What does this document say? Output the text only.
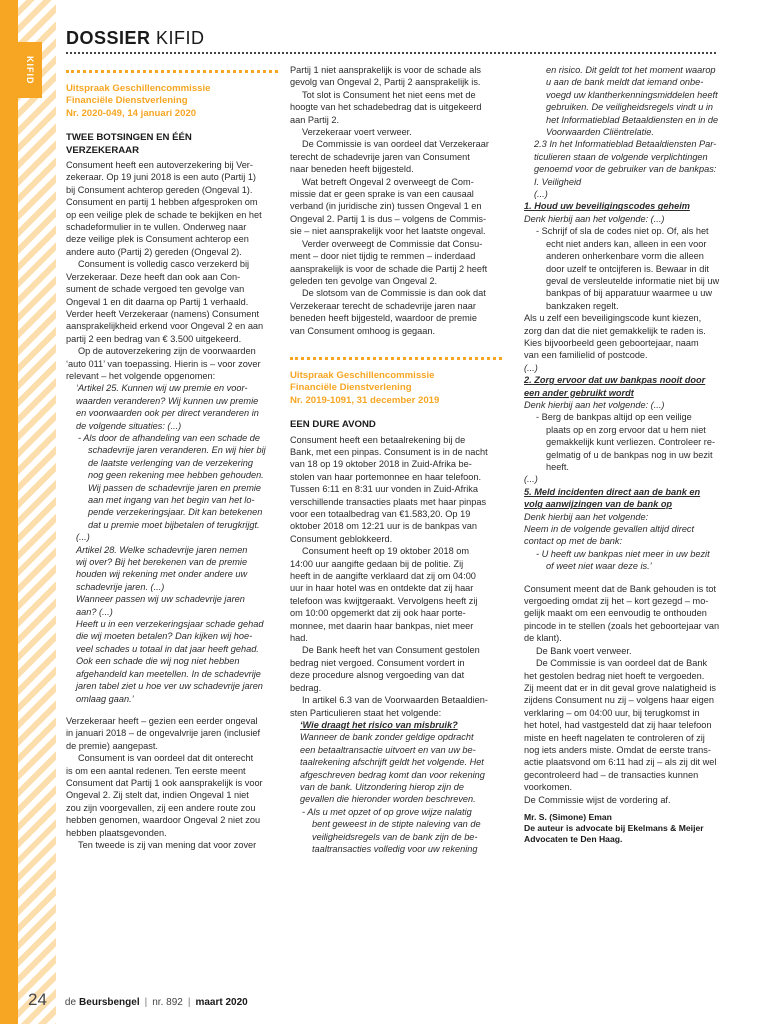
KIFID
DOSSIER KIFID
Uitspraak Geschillencommissie
Financiële Dienstverlening
Nr. 2020-049, 14 januari 2020
TWEE BOTSINGEN EN ÉÉN
VERZEKERAAR

Consument heeft een autoverzekering bij Ver-
zekeraar. Op 19 juni 2018 is een auto (Partij 1)
bij Consument achterop gereden (Ongeval 1).
Consument en partij 1 hebben afgesproken om
op een veilige plek de schade te bekijken en het
schadeformulier in te vullen. Onderweg naar
deze veilige plek is Consument achterop een
andere auto (Partij 2) gereden (Ongeval 2).

Consument is volledig casco verzekerd bij
Verzekeraar. Deze heeft dan ook aan Con-
sument de schade vergoed ten gevolge van
Ongeval 1 en dit daarna op Partij 1 verhaald.
Verder heeft Verzekeraar (namens) Consument
aansprakelijkheid erkend voor Ongeval 2 en aan
partij 2 een bedrag van € 3.500 uitgekeerd.

Op de autoverzekering zijn de voorwaarden
‘auto 011’ van toepassing. Hierin is – voor zover
relevant – het volgende opgenomen:

‘Artikel 25. Kunnen wij uw premie en voor-
waarden veranderen? Wij kunnen uw premie
en voorwaarden ook per direct veranderen in
de volgende situaties: (...)

- Als door de afhandeling van een schade de
schadevrije jaren veranderen. En wij hier bij
de laatste verlenging van de verzekering
nog geen rekening mee hebben gehouden.
Wij passen de schadevrije jaren en premie
aan met ingang van het begin van het lo-
pende verzekeringsjaar. Dit kan betekenen
dat u premie moet bijbetalen of terugkrijgt.

(...)
Artikel 28. Welke schadevrije jaren nemen
wij over? Bij het berekenen van de premie
houden wij rekening met onder andere uw
schadevrije jaren. (...)
Wanneer passen wij uw schadevrije jaren
aan? (...)
Heeft u in een verzekeringsjaar schade gehad
die wij moeten betalen? Dan kijken wij hoe-
veel schades u totaal in dat jaar heeft gehad.
Ook een schade die wij nog niet hebben
afgehandeld kan meetellen. In de schadevrije
jaren tabel ziet u hoe ver uw schadevrije jaren
omlaag gaan.’

Verzekeraar heeft – gezien een eerder ongeval
in januari 2018 – de ongevalvrije jaren (inclusief
de premie) aangepast.

Consument is van oordeel dat dit onterecht
is om een aantal redenen. Ten eerste meent
Consument dat Partij 1 ook aansprakelijk is voor
Ongeval 2. Zij stelt dat, indien Ongeval 1 niet
zou zijn voorgevallen, zij een andere route zou
hebben genomen, waardoor Ongeval 2 niet zou
hebben plaatsgevonden.

Ten tweede is zij van mening dat voor zover

Partij 1 niet aansprakelijk is voor de schade als
gevolg van Ongeval 2, Partij 2 aansprakelijk is.

Tot slot is Consument het niet eens met de
hoogte van het schadebedrag dat is uitgekeerd
aan Partij 2.

Verzekeraar voert verweer.

De Commissie is van oordeel dat Verzekeraar
terecht de schadevrije jaren van Consument
naar beneden heeft bijgesteld.

Wat betreft Ongeval 2 overweegt de Com-
missie dat er geen sprake is van een causaal
verband (in juridische zin) tussen Ongeval 1 en
Ongeval 2. Partij 1 is dus – volgens de Commis-
sie – niet aansprakelijk voor het laatste ongeval.

Verder overweegt de Commissie dat Consu-
ment – door niet tijdig te remmen – inderdaad
aansprakelijk is voor de schade die Partij 2 heeft
geleden ten gevolge van Ongeval 2.

De slotsom van de Commissie is dan ook dat
Verzekeraar terecht de schadevrije jaren naar
beneden heeft bijgesteld, waardoor de premie
van Consument omhoog is gegaan.

Uitspraak Geschillencommissie
Financiële Dienstverlening
Nr. 2019-1091, 31 december 2019
EEN DURE AVOND

Consument heeft een betaalrekening bij de
Bank, met een pinpas. Consument is in de nacht
van 18 op 19 oktober 2018 in Zuid-Afrika be-
stolen van haar portemonnee en haar telefoon.
Tussen 6:11 en 8:31 uur vonden in Zuid-Afrika
verschillende transacties plaats met haar pinpas
voor een totaalbedrag van €1.583,20. Op 19
oktober 2018 om 12:21 uur is de bankpas van
Consument geblokkeerd.

Consument heeft op 19 oktober 2018 om
14:00 uur aangifte gedaan bij de politie. Zij
heeft in de aangifte verklaard dat zij om 04:00
uur in haar hotel was en ontdekte dat zij haar
telefoon was kwijtgeraakt. Vervolgens heeft zij
om 10:00 opgemerkt dat zij ook haar porte-
monnee, met daarin haar bankpas, niet meer
had.

De Bank heeft het van Consument gestolen
bedrag niet vergoed. Consument vordert in
deze procedure alsnog vergoeding van dat
bedrag.

In artikel 6.3 van de Voorwaarden Betaaldien-
sten Particulieren staat het volgende:

‘Wie draagt het risico van misbruik?

Wanneer de bank zonder geldige opdracht
een betaaltransactie uitvoert en van uw be-
taalrekening afschrijft geldt het volgende. Het
afgeschreven bedrag komt dan voor rekening
van de bank. Uitzondering hierop zijn de
gevallen die hieronder worden beschreven.

- Als u met opzet of op grove wijze nalatig
bent geweest in de stipte naleving van de
veiligheidsregels van de bank zijn de be-
taaltransacties volledig voor uw rekening

en risico. Dit geldt tot het moment waarop
u aan de bank meldt dat iemand onbe-
voegd uw klantherkenningsmiddelen heeft
gebruiken. De veiligheidsregels vindt u in
het Informatieblad Betaaldiensten en in de
Voorwaarden Cliëntrelatie.

2.3 In het Informatieblad Betaaldiensten Par-
ticulieren staan de volgende verplichtingen
genoemd voor de gebruiker van de bankpas:
I. Veiligheid
(...)

1. Houd uw beveiligingscodes geheim

Denk hierbij aan het volgende: (...)

- Schrijf of sla de codes niet op. Of, als het
echt niet anders kan, alleen in een voor
anderen onherkenbare vorm die alleen
door uzelf te ontcijferen is. Bewaar in dit
geval de versleutelde informatie niet bij uw
bankpas of bij apparatuur waarmee u uw
bankzaken regelt.

Als u zelf een beveiligingscode kunt kiezen,
zorg dan dat die niet gemakkelijk te raden is.
Kies bijvoorbeeld geen geboortejaar, naam
van een familielid of postcode.

(...)

2. Zorg ervoor dat uw bankpas nooit door
een ander gebruikt wordt

Denk hierbij aan het volgende: (...)

- Berg de bankpas altijd op een veilige
plaats op en zorg ervoor dat u hem niet
gemakkelijk kunt verliezen. Controleer re-
gelmatig of u de bankpas nog in uw bezit
heeft.

(...)

5. Meld incidenten direct aan de bank en
volg aanwijzingen van de bank op

Denk hierbij aan het volgende:
Neem in de volgende gevallen altijd direct
contact op met de bank:

- U heeft uw bankpas niet meer in uw bezit
of weet niet waar deze is.’

Consument meent dat de Bank gehouden is tot
vergoeding omdat zij het – kort gezegd – mo-
gelijk maakt om een eenvoudig te onthouden
pincode in te stellen (zoals het geboortejaar van
de klant).

De Bank voert verweer.

De Commissie is van oordeel dat de Bank
het gestolen bedrag niet hoeft te vergoeden.
Zij meent dat er in dit geval grove nalatigheid is
zijdens Consument nu zij – volgens haar eigen
verklaring – om 04:00 uur, bij terugkomst in
het hotel, had vastgesteld dat zij haar telefoon
miste en heeft nagelaten te controleren of zij
nog iets anders miste. Omdat de eerste trans-
actie plaatsvond om 6:11 had zij – als zij dit wel
gecontroleerd had – de transacties kunnen
voorkomen.

De Commissie wijst de vordering af.

Mr. S. (Simone) Eman
De auteur is advocate bij Ekelmans & Meijer
Advocaten te Den Haag.
24 de Beursbengel | nr. 892 | maart 2020
